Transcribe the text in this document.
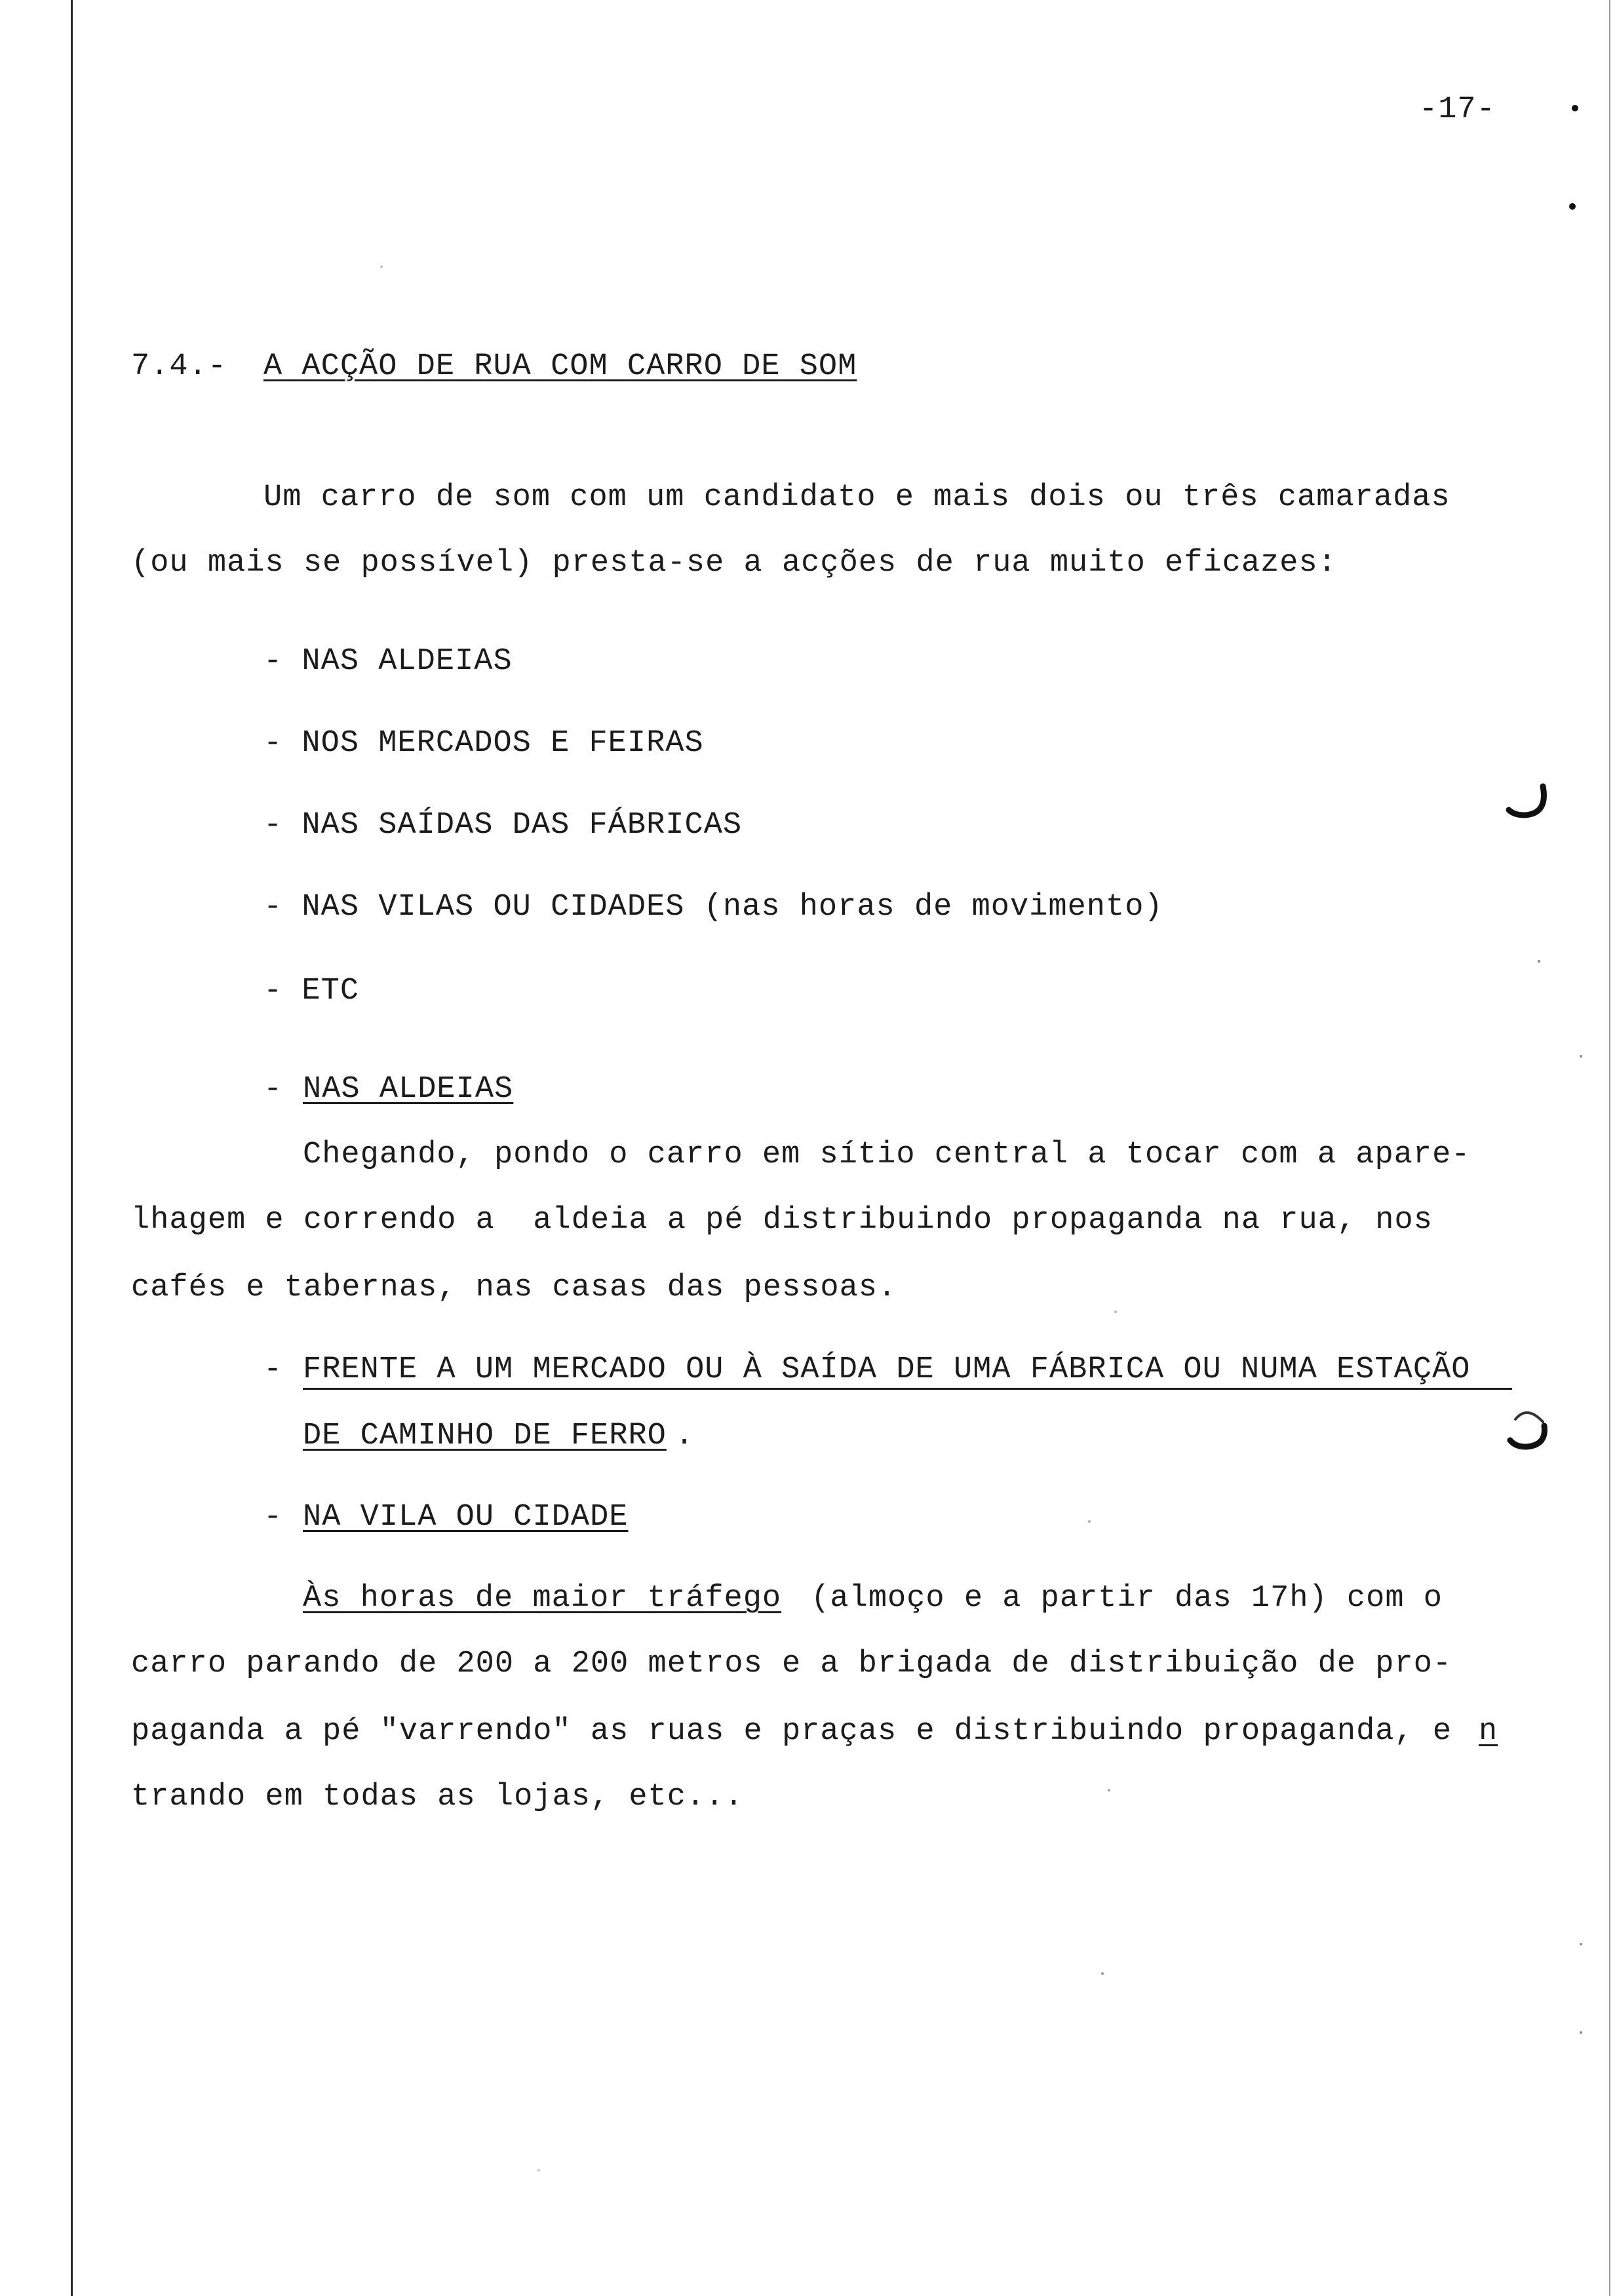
-17-

7.4.- A ACÇÃO DE RUA COM CARRO DE SOM

Um carro de som com um candidato e mais dois ou três camaradas

(ou mais se possível) presta-se a acções de rua muito eficazes:

- NAS ALDEIAS

- NOS MERCADOS E FEIRAS

- NAS SAÍDAS DAS FÁBRICAS

- NAS VILAS OU CIDADES (nas horas de movimento)

- ETC

- NAS ALDEIAS

Chegando, pondo o carro em sítio central a tocar com a apare-

lhagem e correndo a  aldeia a pé distribuindo propaganda na rua, nos

cafés e tabernas, nas casas das pessoas.

- FRENTE A UM MERCADO OU À SAÍDA DE UMA FÁBRICA OU NUMA ESTAÇÃO

DE CAMINHO DE FERRO .

- NA VILA OU CIDADE

Às horas de maior tráfego (almoço e a partir das 17h) com o

carro parando de 200 a 200 metros e a brigada de distribuição de pro-

paganda a pé "varrendo" as ruas e praças e distribuindo propaganda, e n

trando em todas as lojas, etc...
